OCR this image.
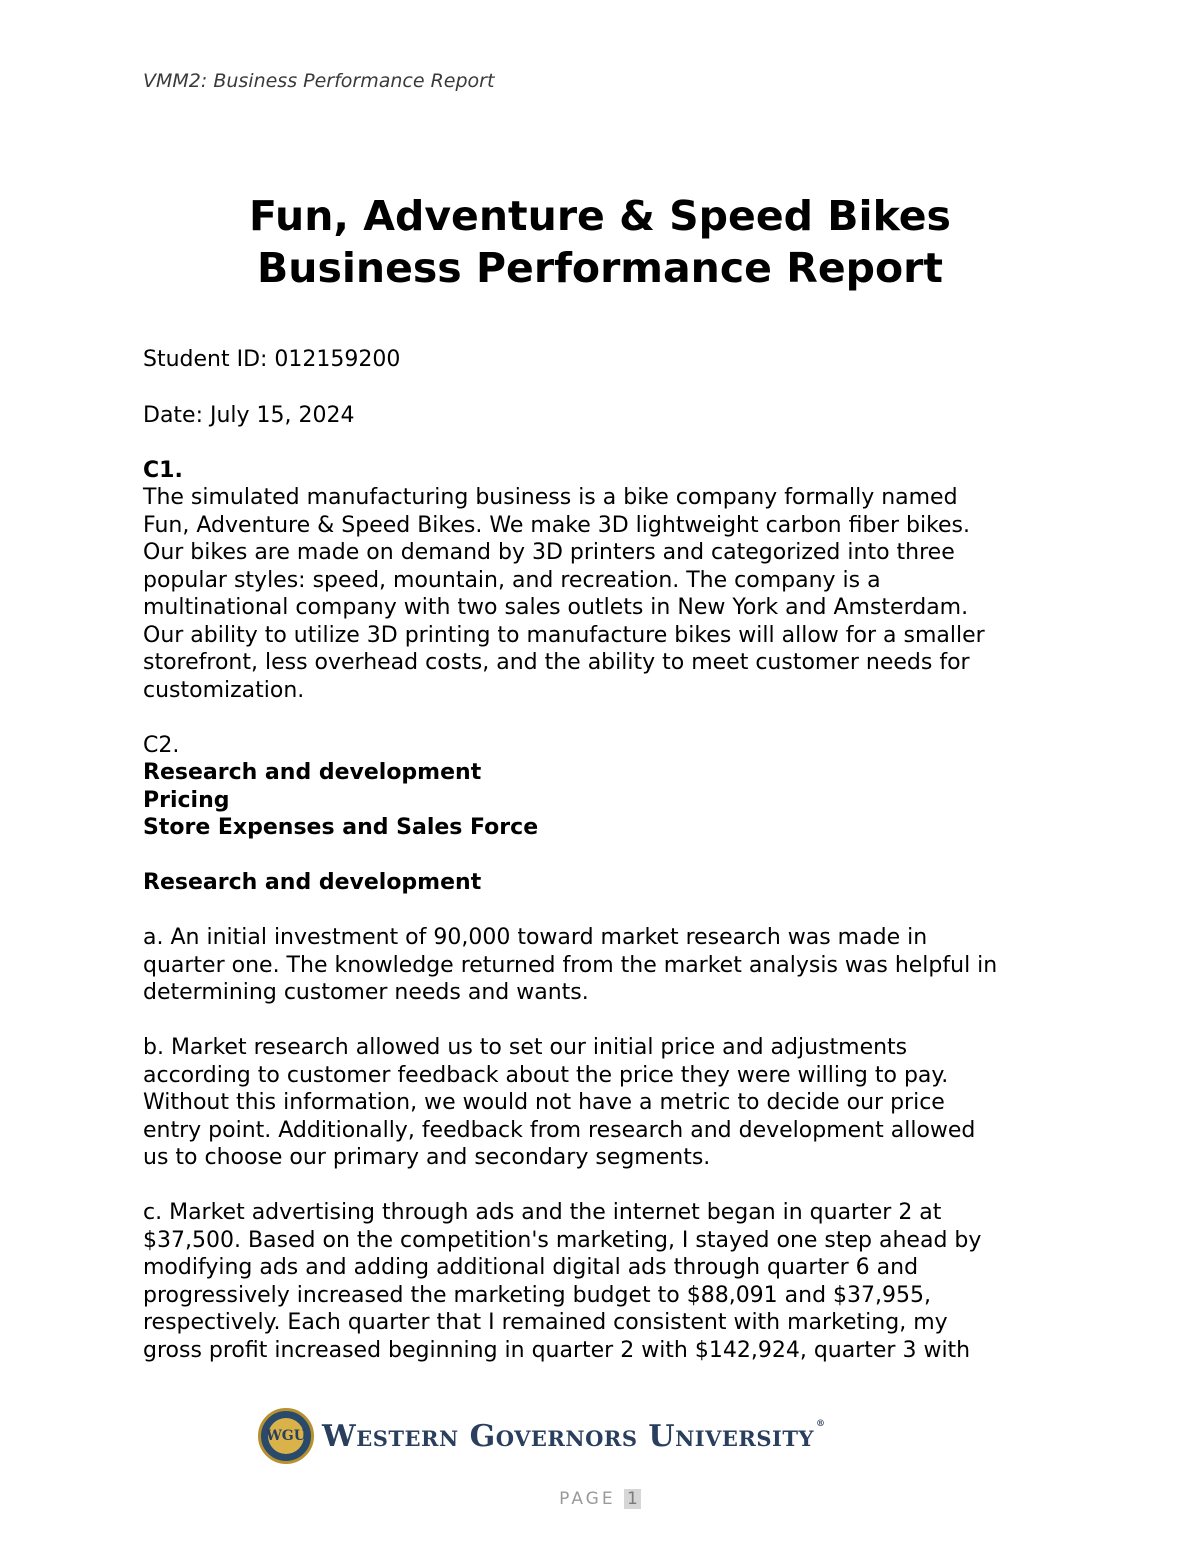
VMM2: Business Performance Report
Fun, Adventure & Speed Bikes
Business Performance Report
Student ID: 012159200
Date: July 15, 2024
C1.
The simulated manufacturing business is a bike company formally named
Fun, Adventure & Speed Bikes. We make 3D lightweight carbon fiber bikes.
Our bikes are made on demand by 3D printers and categorized into three
popular styles: speed, mountain, and recreation. The company is a
multinational company with two sales outlets in New York and Amsterdam.
Our ability to utilize 3D printing to manufacture bikes will allow for a smaller
storefront, less overhead costs, and the ability to meet customer needs for
customization.
C2.
Research and development
Pricing
Store Expenses and Sales Force
Research and development
a. An initial investment of 90,000 toward market research was made in
quarter one. The knowledge returned from the market analysis was helpful in
determining customer needs and wants.
b. Market research allowed us to set our initial price and adjustments
according to customer feedback about the price they were willing to pay.
Without this information, we would not have a metric to decide our price
entry point. Additionally, feedback from research and development allowed
us to choose our primary and secondary segments.
c. Market advertising through ads and the internet began in quarter 2 at
$37,500. Based on the competition's marketing, I stayed one step ahead by
modifying ads and adding additional digital ads through quarter 6 and
progressively increased the marketing budget to $88,091 and $37,955,
respectively. Each quarter that I remained consistent with marketing, my
gross profit increased beginning in quarter 2 with $142,924, quarter 3 with
WGU Western Governors University ®
PAGE 1
